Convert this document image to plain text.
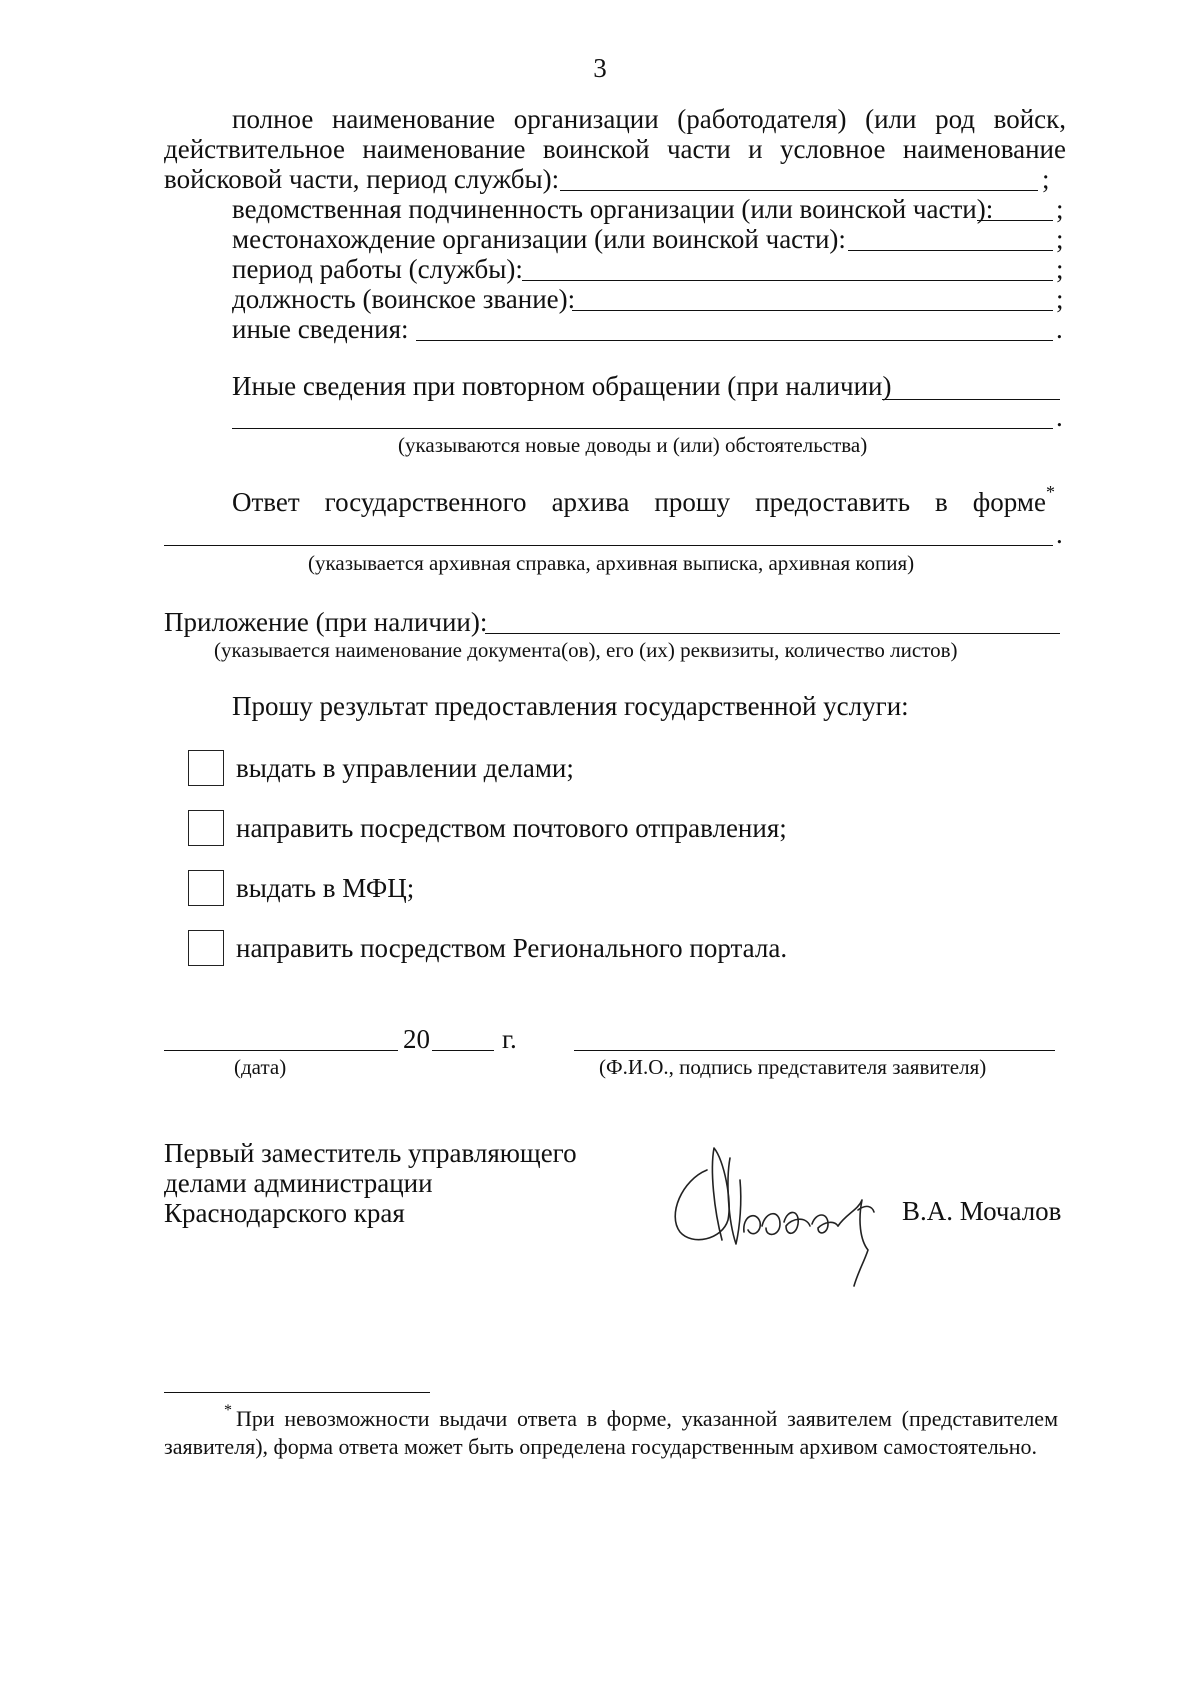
3
полное наименование организации (работодателя) (или род войск,
действительное наименование воинской части и условное наименование
войсковой части, период службы):	;
ведомственная подчиненность организации (или воинской части): ;
местонахождение организации (или воинской части):	;
период работы (службы):	;
должность (воинское звание):	;
иные сведения:	.
Иные сведения при повторном обращении (при наличии)
.
(указываются новые доводы и (или) обстоятельства)
Ответ государственного архива прошу предоставить в форме *
.
(указывается архивная справка, архивная выписка, архивная копия)
Приложение (при наличии):
(указывается наименование документа(ов), его (их) реквизиты, количество листов)
Прошу результат предоставления государственной услуги:
выдать в управлении делами;
направить посредством почтового отправления;
выдать в МФЦ;
направить посредством Регионального портала.
20	г.
(дата)	(Ф.И.О., подпись представителя заявителя)
Первый заместитель управляющего
делами администрации
Краснодарского края	В.А. Мочалов
* При невозможности выдачи ответа в форме, указанной заявителем (представителем
заявителя), форма ответа может быть определена государственным архивом самостоятельно.
